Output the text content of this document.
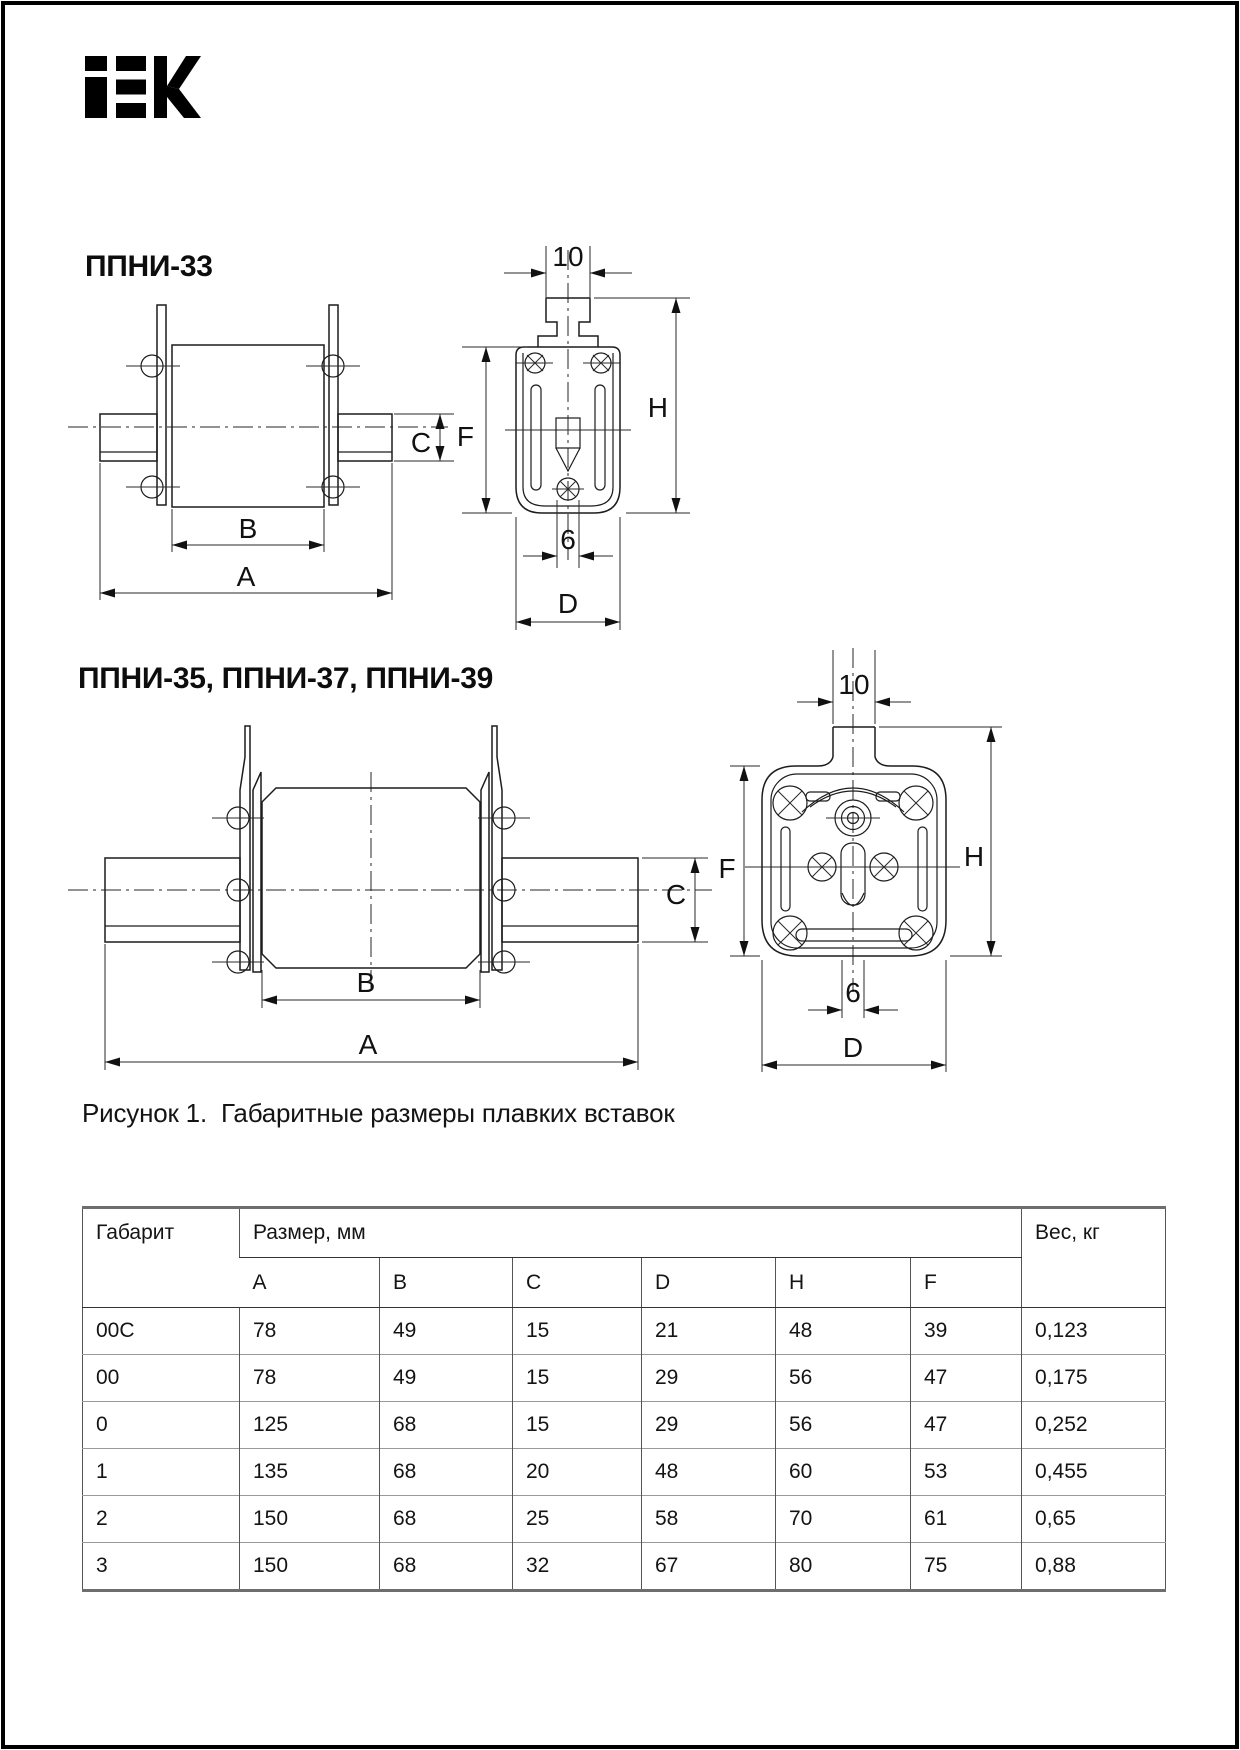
ППНИ-33
ППНИ-35, ППНИ-37, ППНИ-39
Рисунок 1.  Габаритные размеры плавких вставок
C
B
A
10
F
H
6
D
C
B
A
10
F	H
6
D
Габарит	Размер, мм						Вес, кг
	A	B	C	D	H	F	
00C	78	49	15	21	48	39	0,123
00	78	49	15	29	56	47	0,175
0	125	68	15	29	56	47	0,252
1	135	68	20	48	60	53	0,455
2	150	68	25	58	70	61	0,65
3	150	68	32	67	80	75	0,88
